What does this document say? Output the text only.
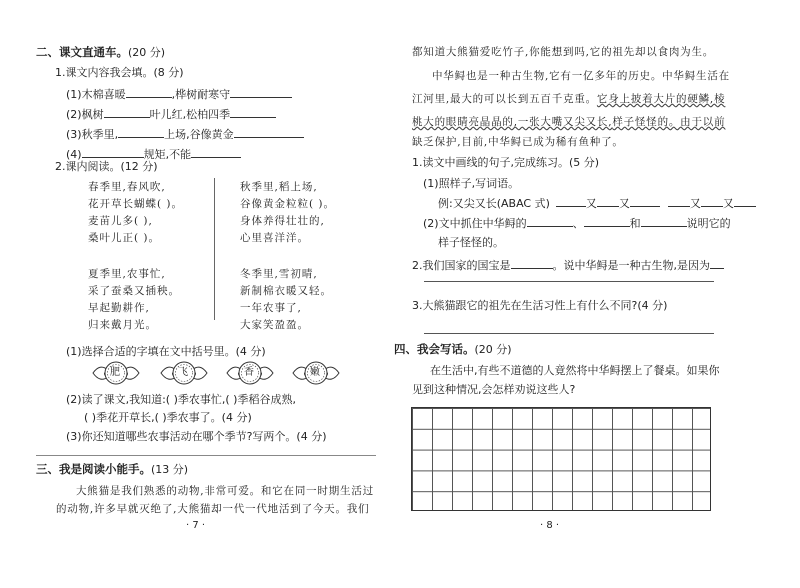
二、课文直通车。(20 分)
1.课文内容我会填。(8 分)
(1)木棉喜暖	,桦树耐寒守
(2)枫树	叶儿红,松柏四季
(3)秋季里,	上场,谷像黄金
(4)	规矩,不能
2.课内阅读。(12 分)
春季里,春风吹,
花开草长蝴蝶( )。
麦苗儿多( ),
桑叶儿正( )。
秋季里,稻上场,
谷像黄金粒粒( )。
身体养得壮壮的,
心里喜洋洋。
夏季里,农事忙,
采了蚕桑又插秧。
早起勤耕作,
归来戴月光。
冬季里,雪初晴,
新制棉衣暖又轻。
一年农事了,
大家笑盈盈。
(1)选择合适的字填在文中括号里。(4 分)
肥	飞	香	嫩
(2)读了课文,我知道:( )季农事忙,( )季稻谷成熟,
( )季花开草长,( )季农事了。(4 分)
(3)你还知道哪些农事活动在哪个季节?写两个。(4 分)
三、我是阅读小能手。(13 分)
大熊猫是我们熟悉的动物,非常可爱。和它在同一时期生活过
的动物,许多早就灭绝了,大熊猫却一代一代地活到了今天。我们
· 7 ·
都知道大熊猫爱吃竹子,你能想到吗,它的祖先却以食肉为生。
中华鲟也是一种古生物,它有一亿多年的历史。中华鲟生活在
江河里,最大的可以长到五百千克重。它身上披着大片的硬鳞,棱
桃大的眼睛亮晶晶的,一张大嘴又尖又长,样子怪怪的。由于以前
缺乏保护,目前,中华鲟已成为稀有鱼种了。
1.读文中画线的句子,完成练习。(5 分)
(1)照样子,写词语。
例:又尖又长(ABAC 式)	又 又	又 又
(2)文中抓住中华鲟的	、	和	说明它的
样子怪怪的。
2.我们国家的国宝是	。说中华鲟是一种古生物,是因为
3.大熊猫跟它的祖先在生活习性上有什么不同?(4 分)
四、我会写话。(20 分)
在生活中,有些不道德的人竟然将中华鲟摆上了餐桌。如果你
见到这种情况,会怎样劝说这些人?
· 8 ·
